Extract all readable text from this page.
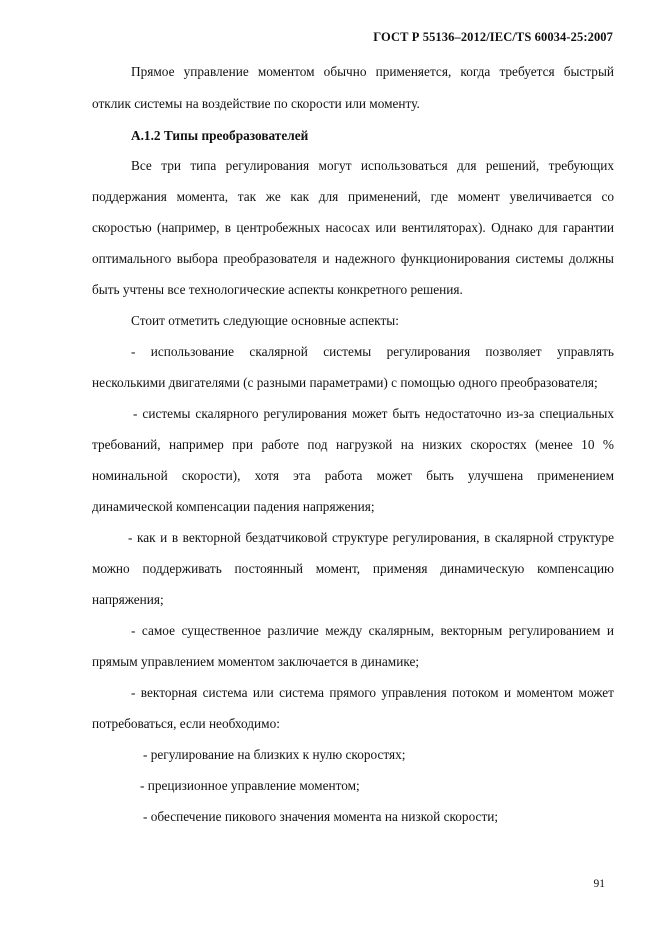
ГОСТ Р 55136–2012/IEC/TS 60034-25:2007
Прямое управление моментом обычно применяется, когда требуется быстрый
отклик системы на воздействие по скорости или моменту.
А.1.2 Типы преобразователей
Все три типа регулирования могут использоваться для решений, требующих
поддержания момента, так же как для применений, где момент увеличивается со
скоростью (например, в центробежных насосах или вентиляторах). Однако для гарантии
оптимального выбора преобразователя и надежного функционирования системы должны
быть учтены все технологические аспекты конкретного решения.
Стоит отметить следующие основные аспекты:
- использование скалярной системы регулирования позволяет управлять
несколькими двигателями (с разными параметрами) с помощью одного преобразователя;
- системы скалярного регулирования может быть недостаточно из-за специальных
требований, например при работе под нагрузкой на низких скоростях (менее 10 %
номинальной скорости), хотя эта работа может быть улучшена применением
динамической компенсации падения напряжения;
- как и в векторной бездатчиковой структуре регулирования, в скалярной структуре
можно поддерживать постоянный момент, применяя динамическую компенсацию
напряжения;
- самое существенное различие между скалярным, векторным регулированием и
прямым управлением моментом заключается в динамике;
- векторная система или система прямого управления потоком и моментом может
потребоваться, если необходимо:
- регулирование на близких к нулю скоростях;
- прецизионное управление моментом;
- обеспечение пикового значения момента на низкой скорости;
91
